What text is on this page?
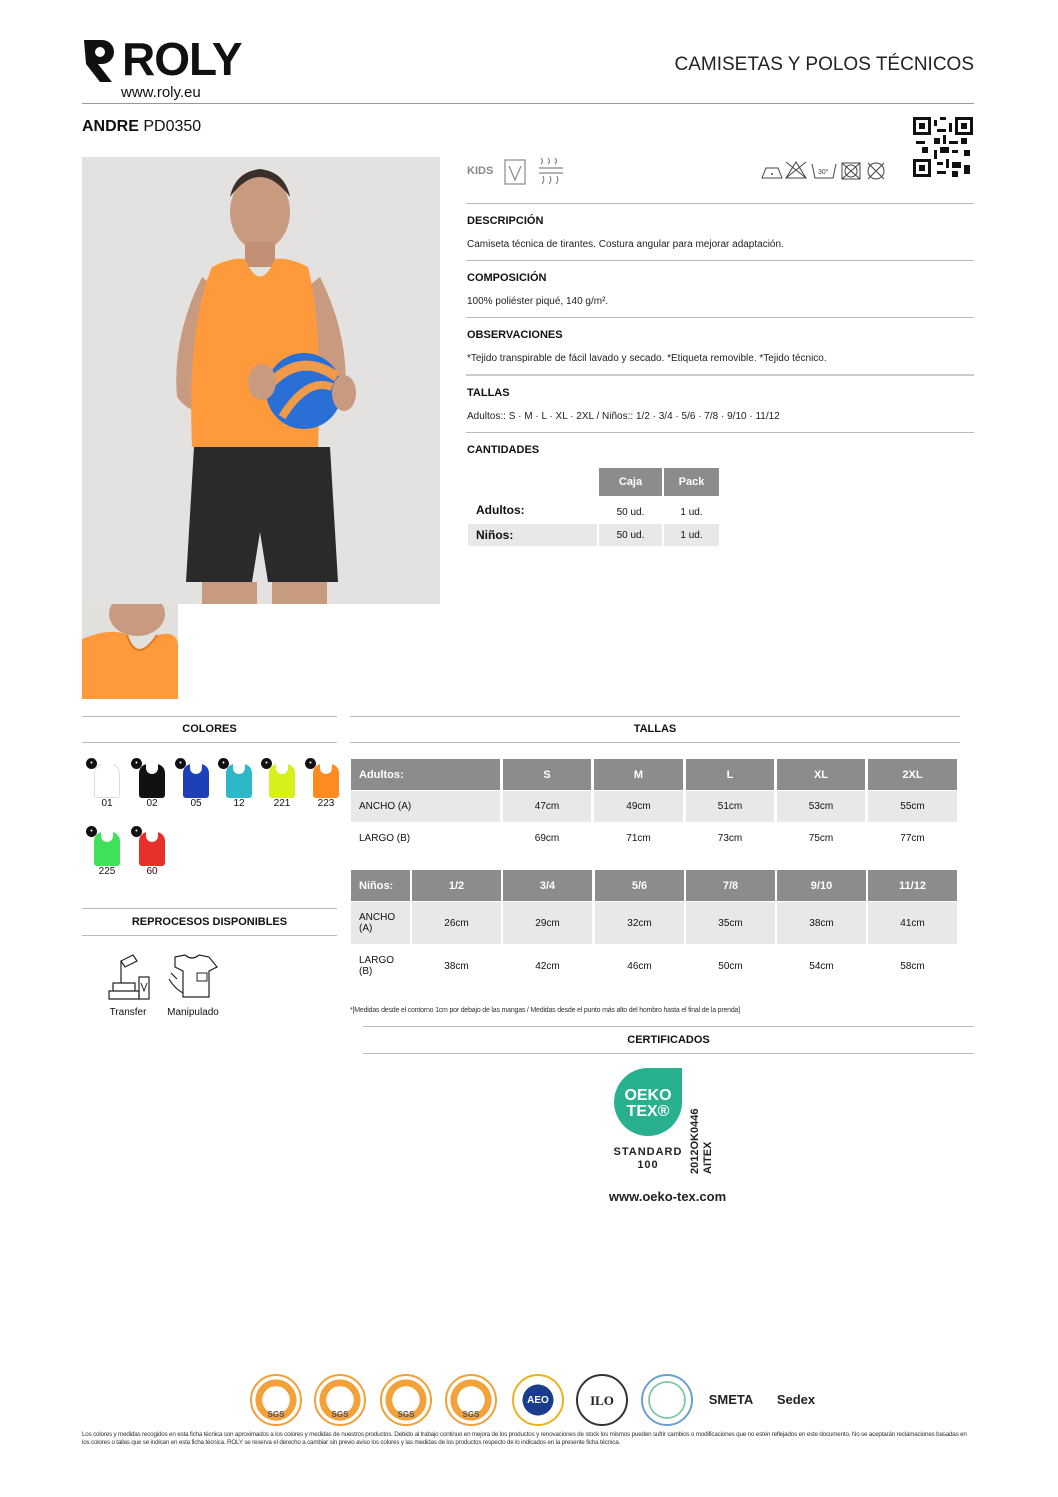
ROLY
www.roly.eu
CAMISETAS Y POLOS TÉCNICOS
ANDRE PD0350
KIDS	30°
DESCRIPCIÓN
Camiseta técnica de tirantes. Costura angular para mejorar adaptación.
COMPOSICIÓN
100% poliéster piqué, 140 g/m².
OBSERVACIONES
*Tejido transpirable de fácil lavado y secado. *Etiqueta removible. *Tejido técnico.
TALLAS
Adultos:: S · M · L · XL · 2XL / Niños:: 1/2 · 3/4 · 5/6 · 7/8 · 9/10 · 11/12
CANTIDADES
Caja	Pack
Adultos:	50 ud.	1 ud.
Niños:	50 ud.	1 ud.
COLORES
•
01
•
02
•
05
•
12
•
221
•
223
•
225
•
60
REPROCESOS DISPONIBLES
Transfer	Manipulado
TALLAS
Adultos:	S	M	L	XL	2XL
ANCHO (A)	47cm	49cm	51cm	53cm	55cm
LARGO (B)	69cm	71cm	73cm	75cm	77cm
Niños:	1/2	3/4	5/6	7/8	9/10	11/12
ANCHO (A)	26cm	29cm	32cm	35cm	38cm	41cm
LARGO (B)	38cm	42cm	46cm	50cm	54cm	58cm
*[Medidas desde el contorno 1cm por debajo de las mangas / Medidas desde el punto más alto del hombro hasta el final de la prenda]
CERTIFICADOS
OEKO
TEX®
STANDARD
100	2012OK0446 AITEX
www.oeko-tex.com
SGS	SGS	SGS	SGS
AEO	ILO	SMETA	Sedex
Los colores y medidas recogidos en esta ficha técnica son aproximados a los colores y medidas de nuestros productos. Debido al trabajo continuo en mejora de los productos y renovaciones de stock los mismos pueden sufrir cambios o modificaciones que no estén reflejados en este documento. No se aceptarán reclamaciones basadas en los colores o tallas que se indican en esta ficha técnica. ROLY se reserva el derecho a cambiar sin previo aviso los colores y las medidas de los productos respecto de lo indicados en la presente ficha técnica.
